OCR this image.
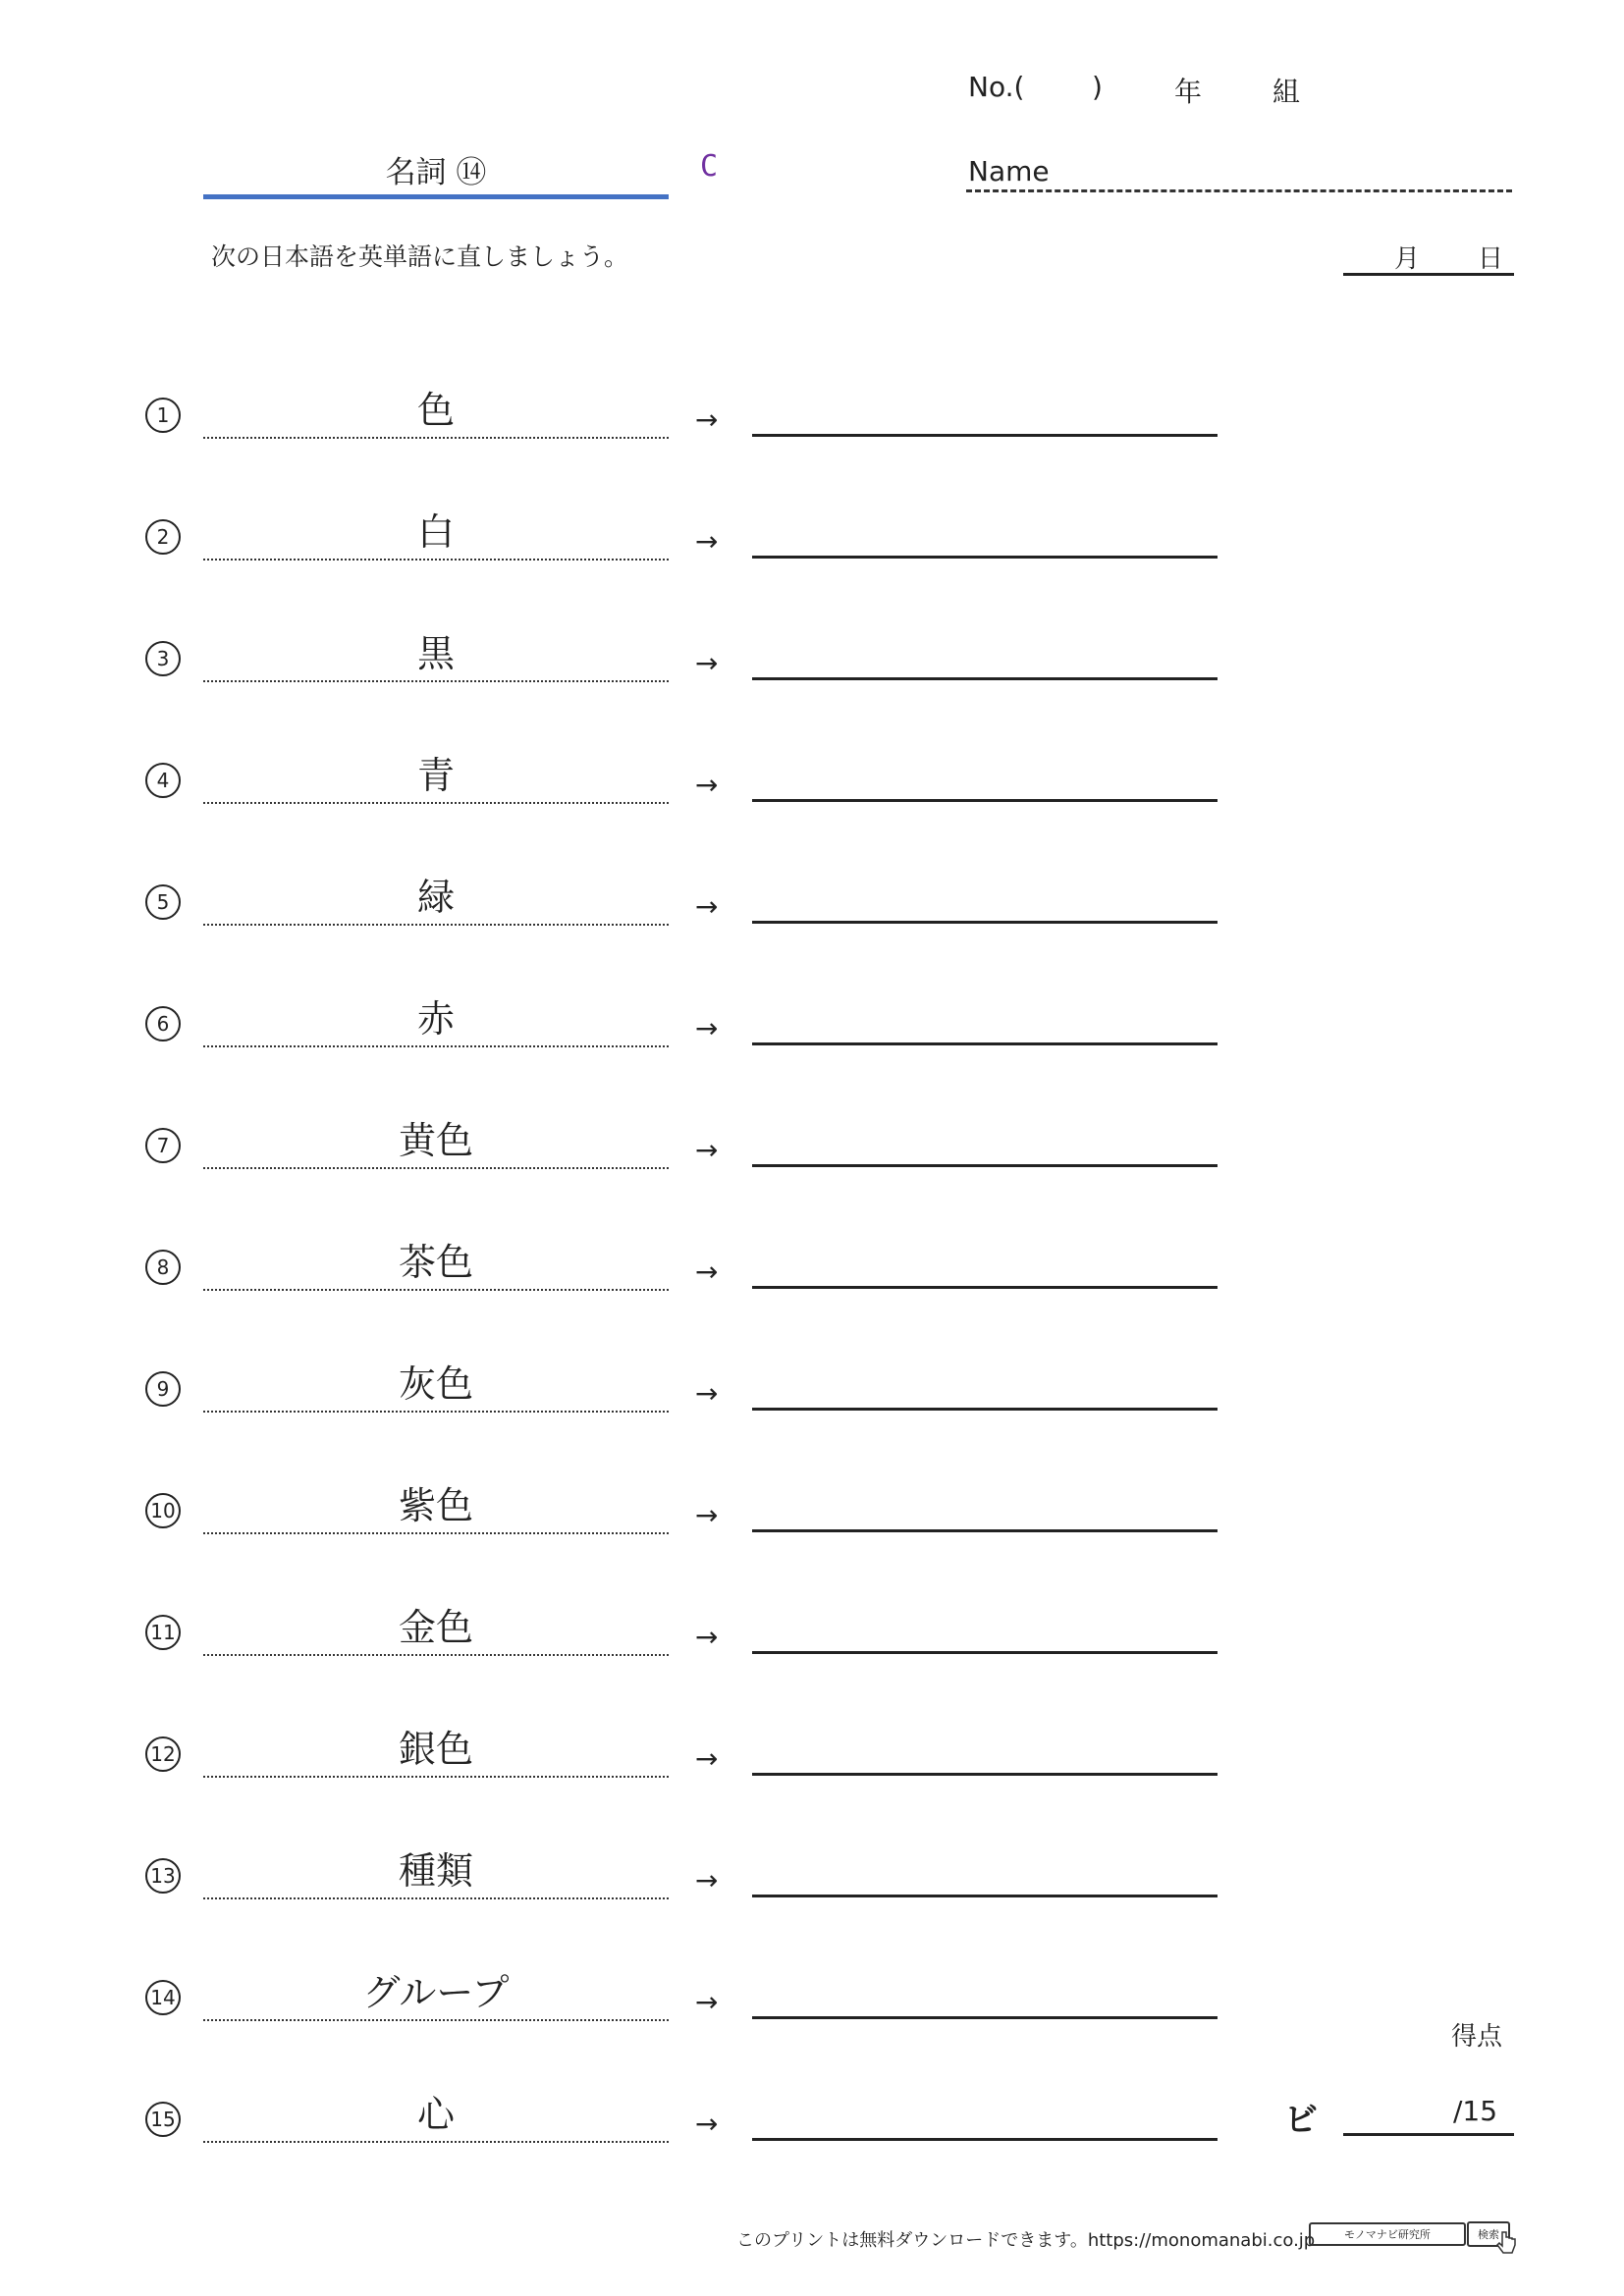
No.( )	年	組
名詞 ⑭	C	Name
次の日本語を英単語に直しましょう。	月 日
1	色	→
2	白	→
3	黒	→
4	青	→
5	緑	→
6	赤	→
7	黄色	→
8	茶色	→
9	灰色	→
10	紫色	→
11	金色	→
12	銀色	→
13	種類	→
14	グループ	→
15	心	→
得点
ビ	/15
このプリントは無料ダウンロードできます。https://monomanabi.co.jp	モノマナビ研究所	検索
